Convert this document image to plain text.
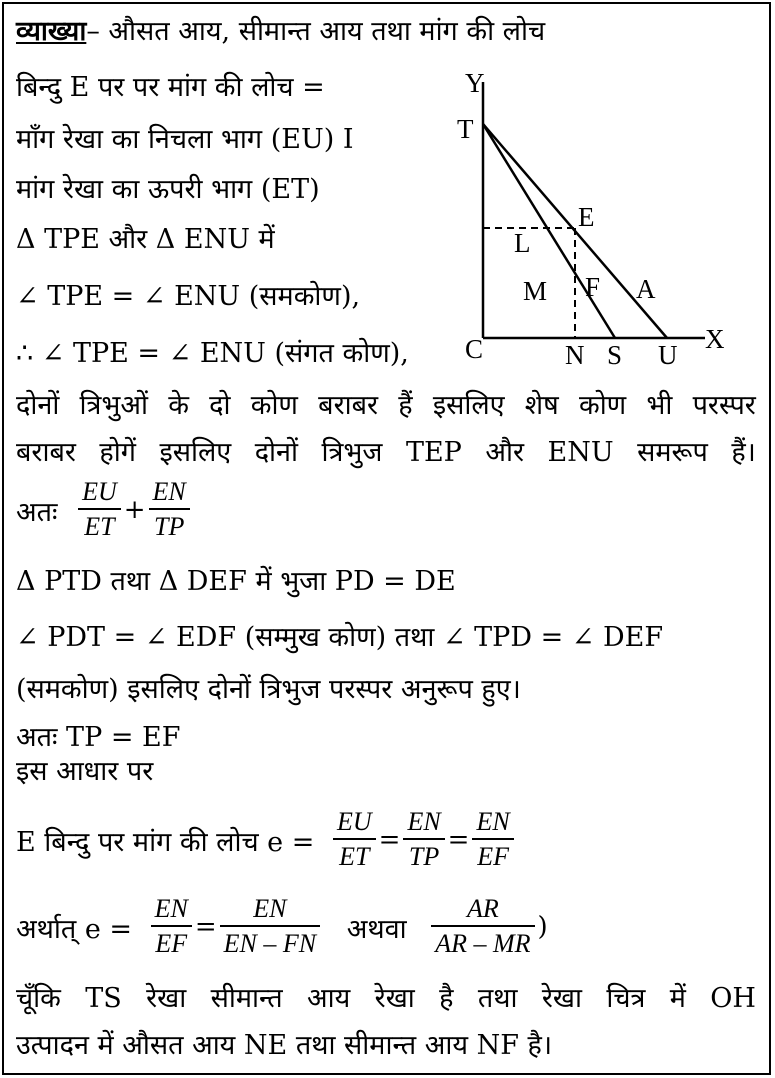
व्याख्या– औसत आय, सीमान्त आय तथा मांग की लोच
बिन्दु E पर पर मांग की लोच =
माँग रेखा का निचला भाग (EU) I
मांग रेखा का ऊपरी भाग (ET)
Δ TPE और Δ ENU में
∠ TPE = ∠ ENU (समकोण),
∴ ∠ TPE = ∠ ENU (संगत कोण),
Y
T
E
L
M F A
C	N S U
X
दोनों त्रिभुओं के दो कोण बराबर हैं इसलिए शेष कोण भी परस्पर
बराबर होगें इसलिए दोनों त्रिभुज TEP और ENU समरूप हैं।
अतः $\frac{EU}{ET} + \frac{EN}{TP}$
Δ PTD तथा Δ DEF में भुजा PD = DE
∠ PDT = ∠ EDF (सम्मुख कोण) तथा ∠ TPD = ∠ DEF
(समकोण) इसलिए दोनों त्रिभुज परस्पर अनुरूप हुए।
अतः TP = EF
इस आधार पर
E बिन्दु पर मांग की लोच $e = \frac{EU}{ET} = \frac{EN}{TP} = \frac{EN}{EF}$
अर्थात् $e = \frac{EN}{EF} = \frac{EN}{EN - FN}$ अथवा $\frac{AR}{AR - MR}$ )
चूँकि TS रेखा सीमान्त आय रेखा है तथा रेखा चित्र में OH
उत्पादन में औसत आय NE तथा सीमान्त आय NF है।
